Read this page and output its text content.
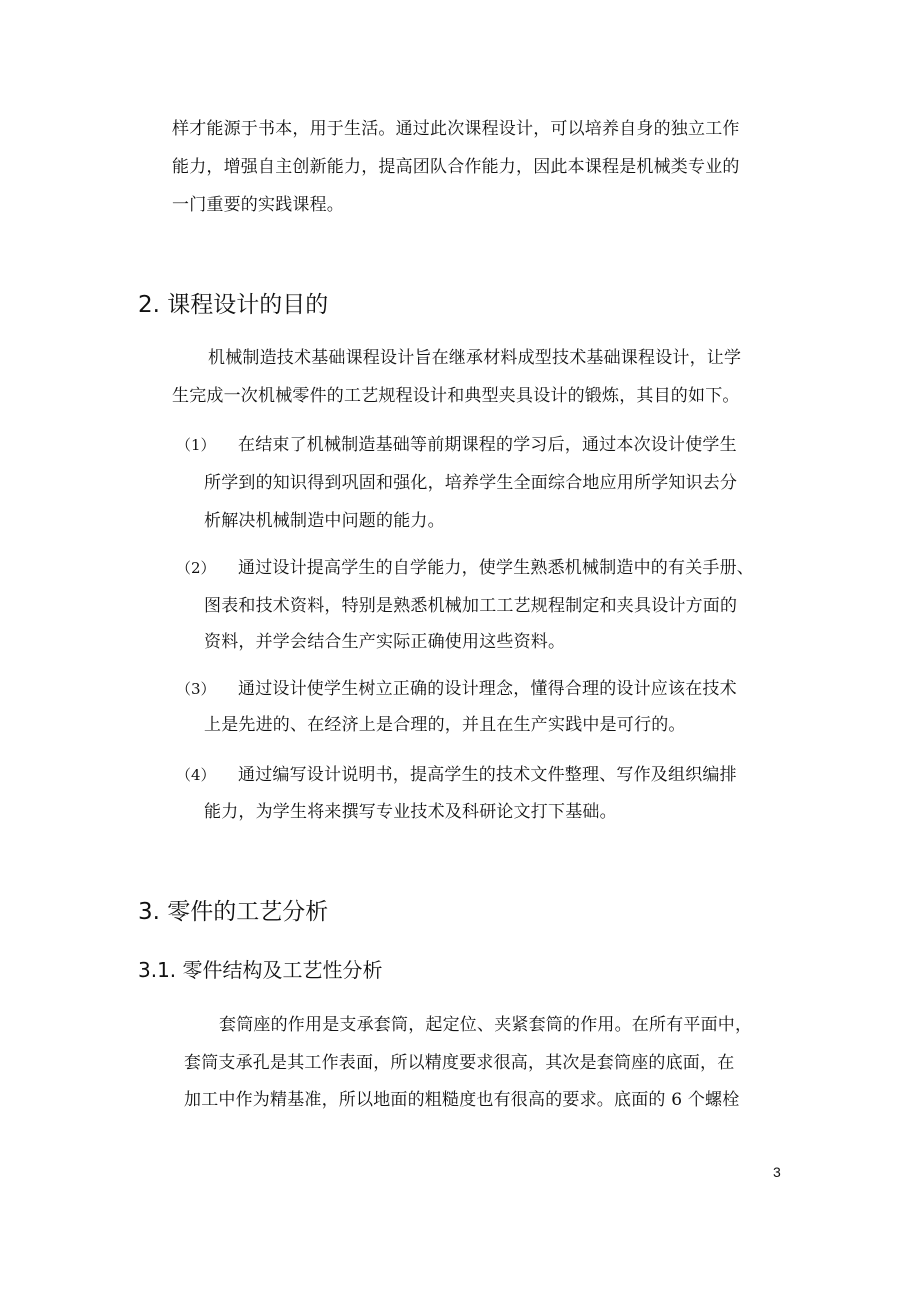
样才能源于书本，用于生活。通过此次课程设计，可以培养自身的独立工作
能力，增强自主创新能力，提高团队合作能力，因此本课程是机械类专业的
一门重要的实践课程。
2. 课程设计的目的
机械制造技术基础课程设计旨在继承材料成型技术基础课程设计，让学
生完成一次机械零件的工艺规程设计和典型夹具设计的锻炼，其目的如下。
（1） 在结束了机械制造基础等前期课程的学习后，通过本次设计使学生
所学到的知识得到巩固和强化，培养学生全面综合地应用所学知识去分
析解决机械制造中问题的能力。
（2） 通过设计提高学生的自学能力，使学生熟悉机械制造中的有关手册、
图表和技术资料，特别是熟悉机械加工工艺规程制定和夹具设计方面的
资料，并学会结合生产实际正确使用这些资料。
（3） 通过设计使学生树立正确的设计理念，懂得合理的设计应该在技术
上是先进的、在经济上是合理的，并且在生产实践中是可行的。
（4） 通过编写设计说明书，提高学生的技术文件整理、写作及组织编排
能力，为学生将来撰写专业技术及科研论文打下基础。
3. 零件的工艺分析
3.1. 零件结构及工艺性分析
套筒座的作用是支承套筒，起定位、夹紧套筒的作用。在所有平面中，
套筒支承孔是其工作表面，所以精度要求很高，其次是套筒座的底面，在
加工中作为精基准，所以地面的粗糙度也有很高的要求。底面的 6 个螺栓
3
